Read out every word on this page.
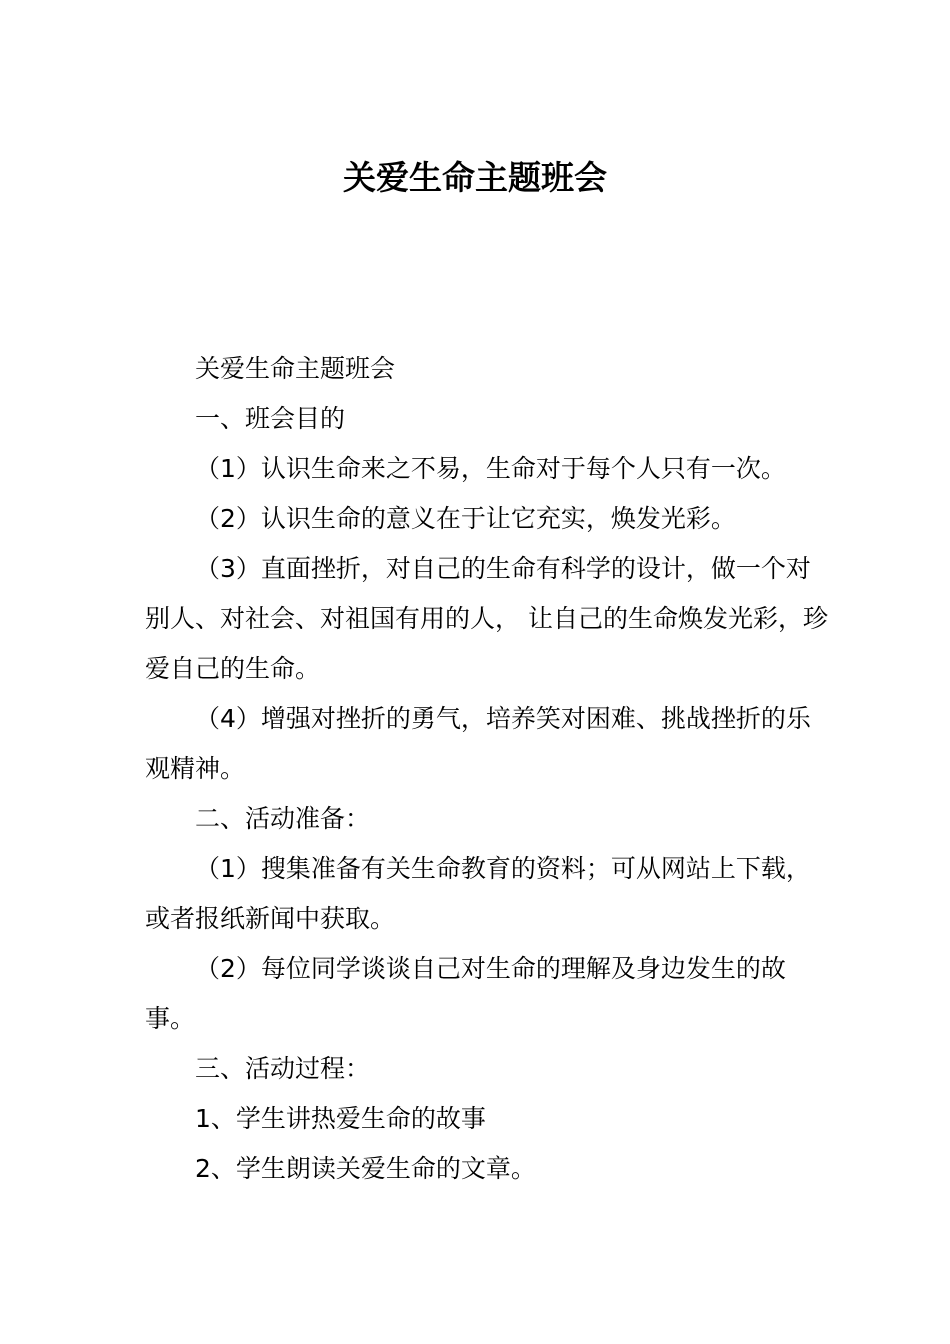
关爱生命主题班会

关爱生命主题班会

一、班会目的

（1）认识生命来之不易，生命对于每个人只有一次。

（2）认识生命的意义在于让它充实，焕发光彩。

（3）直面挫折，对自己的生命有科学的设计，做一个对别人、对社会、对祖国有用的人， 让自己的生命焕发光彩，珍爱自己的生命。

（4）增强对挫折的勇气，培养笑对困难、挑战挫折的乐观精神。

二、活动准备：

（1）搜集准备有关生命教育的资料；可从网站上下载，或者报纸新闻中获取。

（2）每位同学谈谈自己对生命的理解及身边发生的故事。

三、活动过程：

1、学生讲热爱生命的故事

2、学生朗读关爱生命的文章。
